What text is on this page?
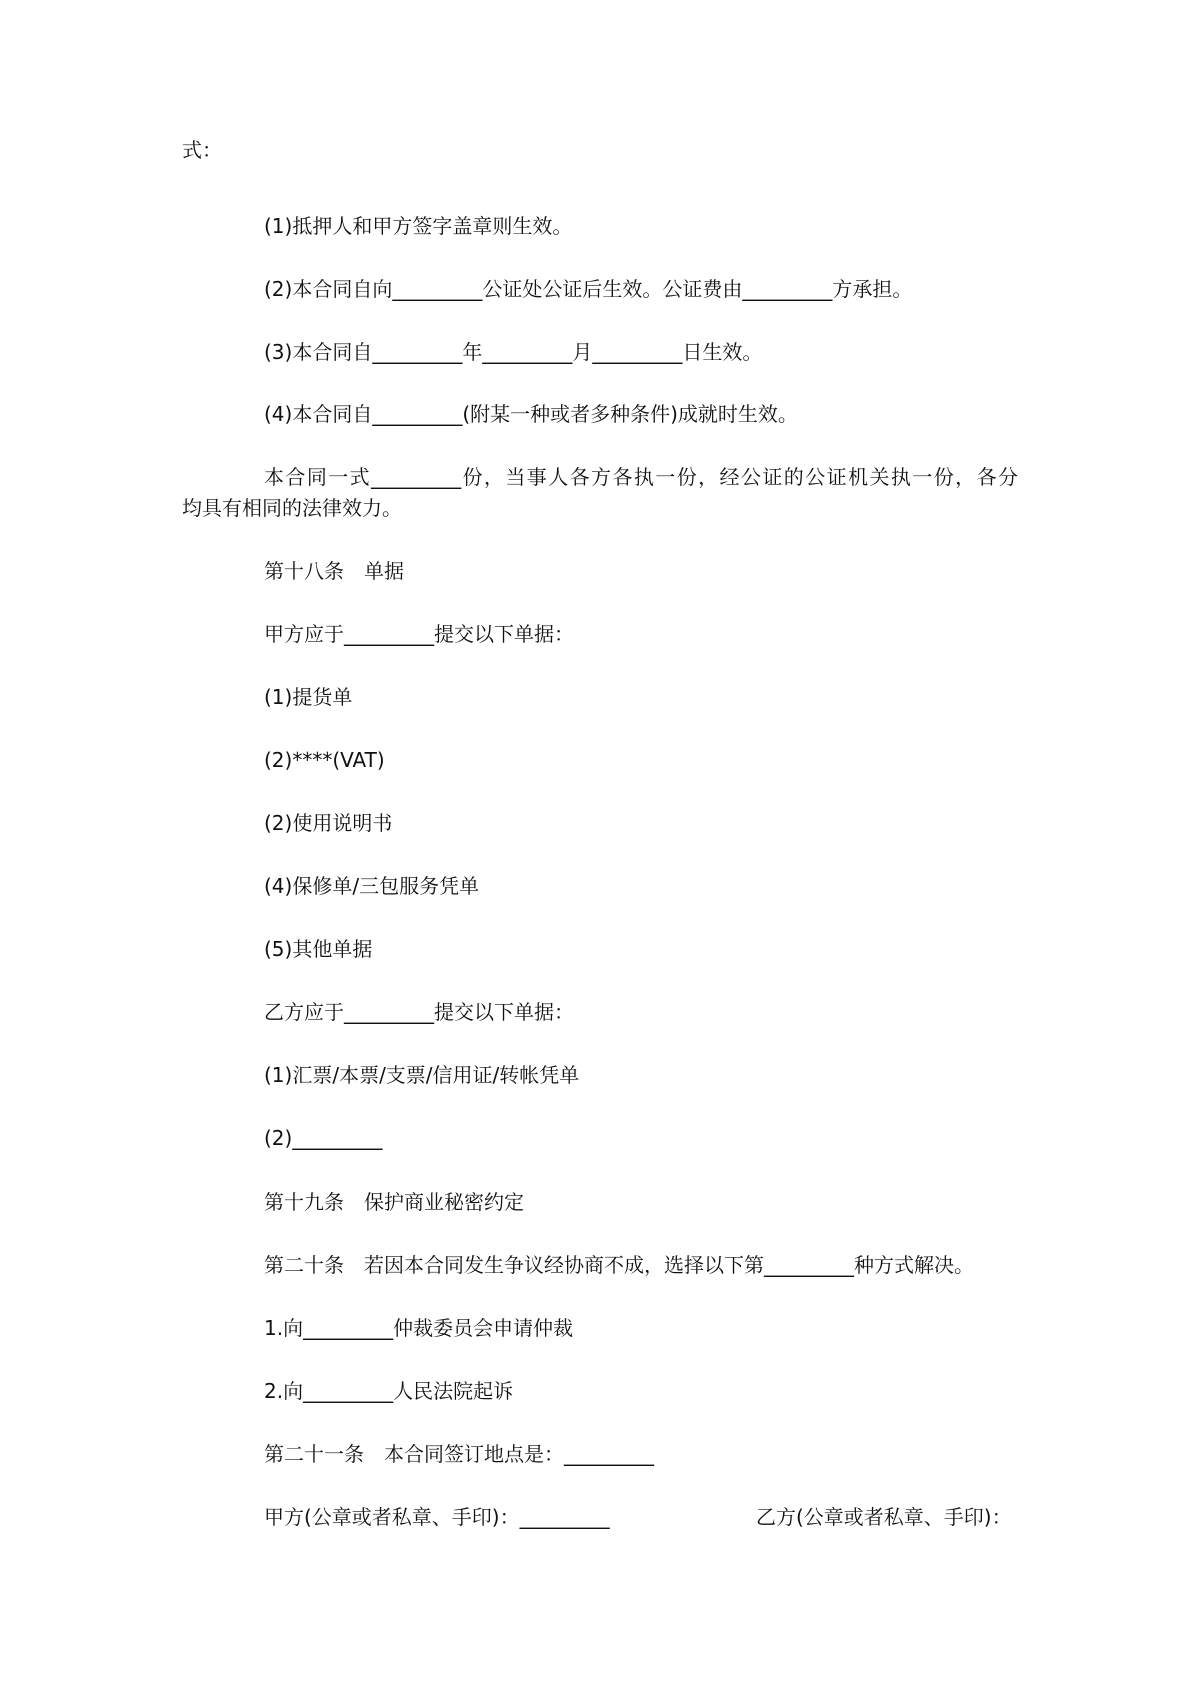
式：
(1)抵押人和甲方签字盖章则生效。
(2)本合同自向_________公证处公证后生效。公证费由_________方承担。
(3)本合同自_________年_________月_________日生效。
(4)本合同自_________(附某一种或者多种条件)成就时生效。
本合同一式_________份，当事人各方各执一份，经公证的公证机关执一份，各分
均具有相同的法律效力。
第十八条　单据
甲方应于_________提交以下单据：
(1)提货单
(2)****(VAT)
(2)使用说明书
(4)保修单/三包服务凭单
(5)其他单据
乙方应于_________提交以下单据：
(1)汇票/本票/支票/信用证/转帐凭单
(2)_________
第十九条　保护商业秘密约定
第二十条　若因本合同发生争议经协商不成，选择以下第_________种方式解决。
1.向_________仲裁委员会申请仲裁
2.向_________人民法院起诉
第二十一条　本合同签订地点是：_________
甲方(公章或者私章、手印)：_________	乙方(公章或者私章、手印)：
